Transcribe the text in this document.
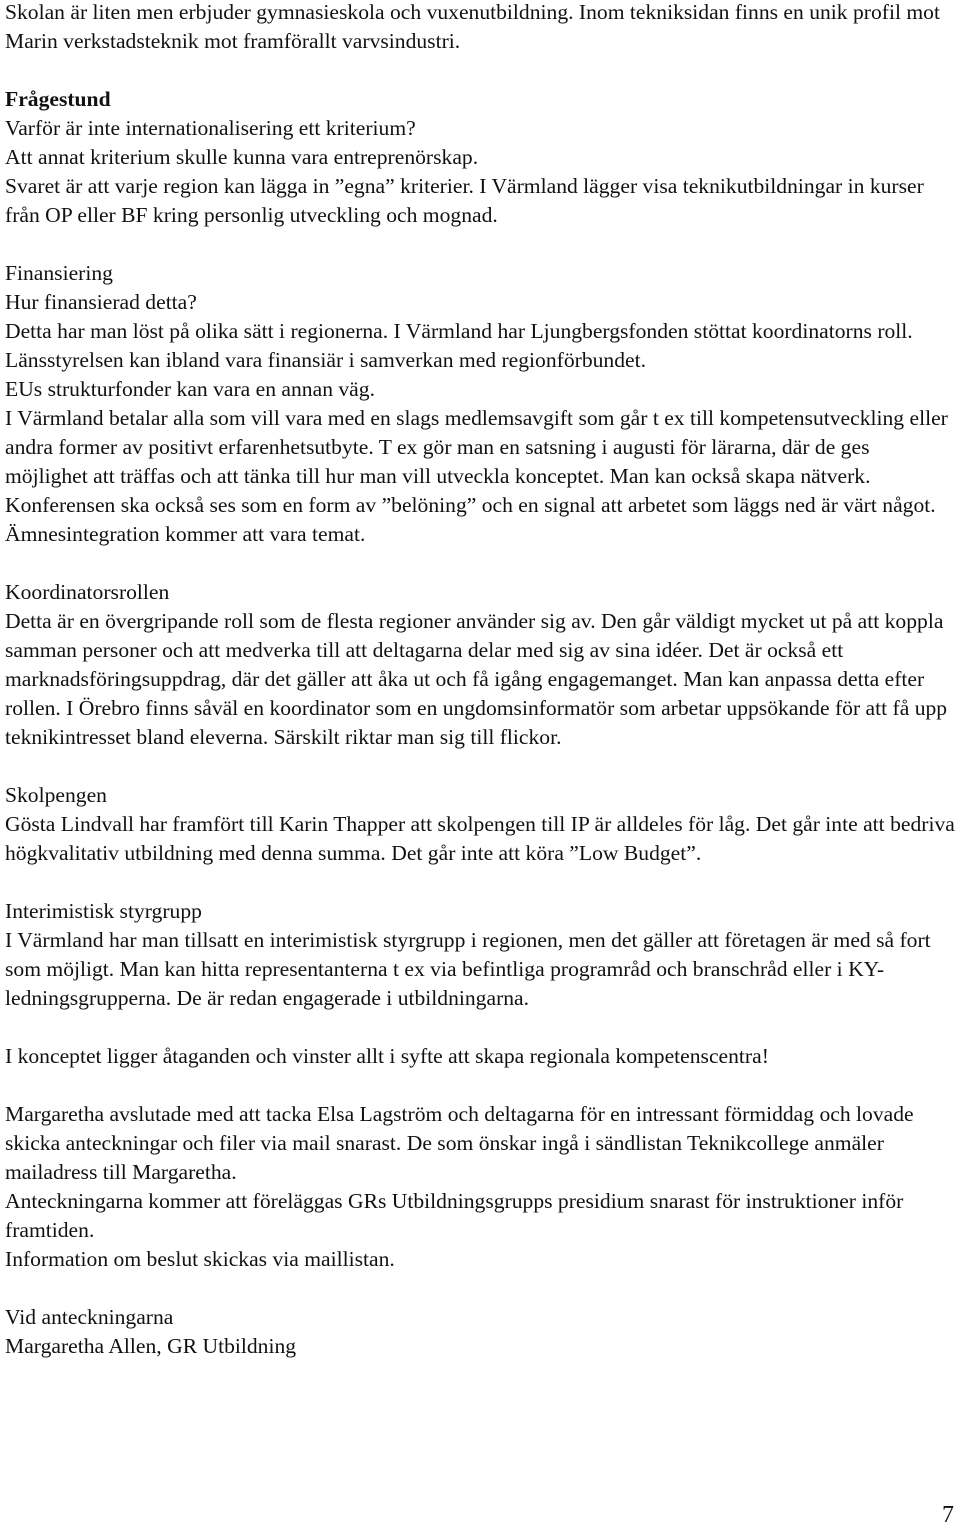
Skolan är liten men erbjuder gymnasieskola och vuxenutbildning. Inom tekniksidan finns en unik profil mot Marin verkstadsteknik mot framförallt varvsindustri.

Frågestund

Varför är inte internationalisering ett kriterium?

Att annat kriterium skulle kunna vara entreprenörskap.

Svaret är att varje region kan lägga in ”egna” kriterier. I Värmland lägger visa teknikutbildningar in kurser från OP eller BF kring personlig utveckling och mognad.

Finansiering

Hur finansierad detta?

Detta har man löst på olika sätt i regionerna. I Värmland har Ljungbergsfonden stöttat koordinatorns roll. Länsstyrelsen kan ibland vara finansiär i samverkan med regionförbundet.

EUs strukturfonder kan vara en annan väg.

I Värmland betalar alla som vill vara med en slags medlemsavgift som går t ex till kompetensutveckling eller andra former av positivt erfarenhetsutbyte. T ex gör man en satsning i augusti för lärarna, där de ges möjlighet att träffas och att tänka till hur man vill utveckla konceptet. Man kan också skapa nätverk. Konferensen ska också ses som en form av ”belöning” och en signal att arbetet som läggs ned är värt något. Ämnesintegration kommer att vara temat.

Koordinatorsrollen

Detta är en övergripande roll som de flesta regioner använder sig av. Den går väldigt mycket ut på att koppla samman personer och att medverka till att deltagarna delar med sig av sina idéer. Det är också ett marknadsföringsuppdrag, där det gäller att åka ut och få igång engagemanget. Man kan anpassa detta efter rollen. I Örebro finns såväl en koordinator som en ungdomsinformatör som arbetar uppsökande för att få upp teknikintresset bland eleverna. Särskilt riktar man sig till flickor.

Skolpengen

Gösta Lindvall har framfört till Karin Thapper att skolpengen till IP är alldeles för låg. Det går inte att bedriva högkvalitativ utbildning med denna summa. Det går inte att köra ”Low Budget”.

Interimistisk styrgrupp

I Värmland har man tillsatt en interimistisk styrgrupp i regionen, men det gäller att företagen är med så fort som möjligt. Man kan hitta representanterna t ex via befintliga programråd och branschråd eller i KY-ledningsgrupperna. De är redan engagerade i utbildningarna.

I konceptet ligger åtaganden och vinster allt i syfte att skapa regionala kompetenscentra!

Margaretha avslutade med att tacka Elsa Lagström och deltagarna för en intressant förmiddag och lovade skicka anteckningar och filer via mail snarast. De som önskar ingå i sändlistan Teknikcollege anmäler mailadress till Margaretha.

Anteckningarna kommer att föreläggas GRs Utbildningsgrupps presidium snarast för instruktioner inför framtiden.

Information om beslut skickas via maillistan.

Vid anteckningarna

Margaretha Allen, GR Utbildning

7
